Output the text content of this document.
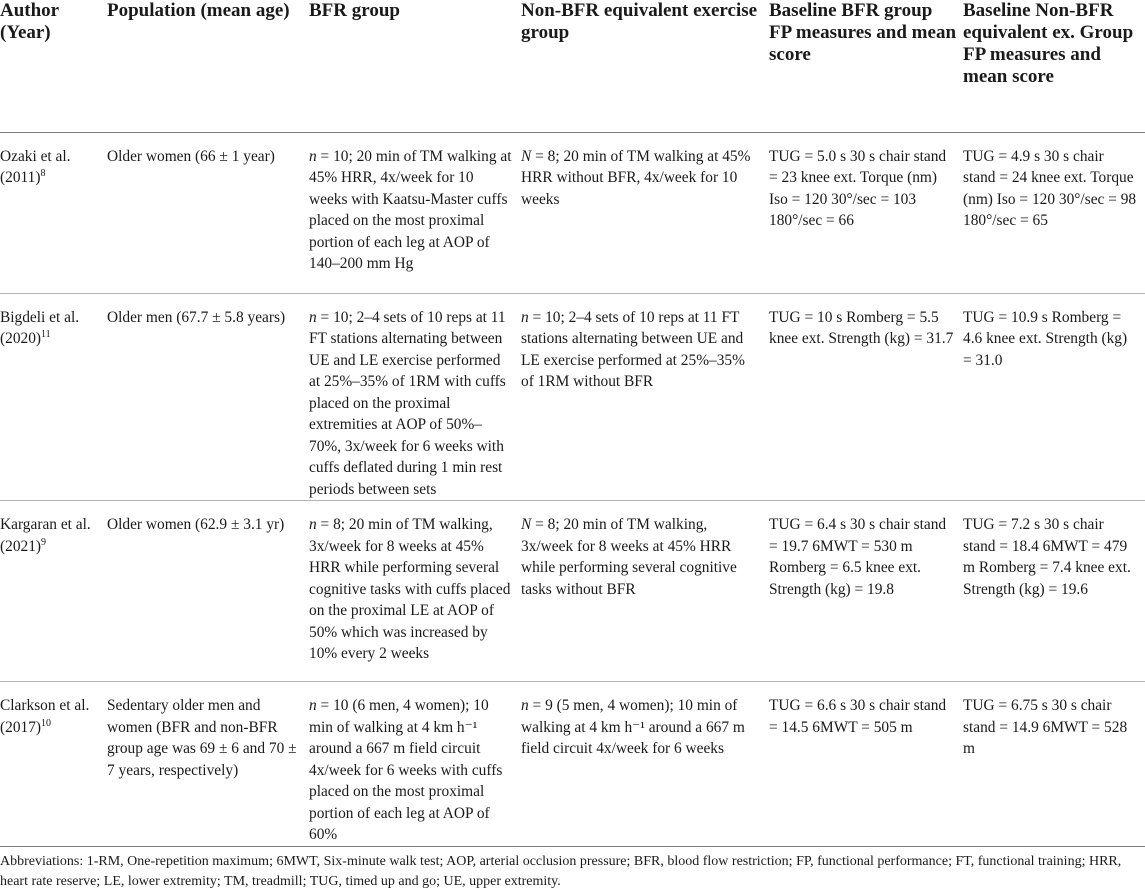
Author (Year)	Population (mean age)	BFR group	Non-BFR equivalent exercise group	Baseline BFR group FP measures and mean score	Baseline Non-BFR equivalent ex. Group FP measures and mean score
Ozaki et al. $(2011)^8$	Older women (66 ± 1 year)	n = 10; 20 min of TM walking at 45% HRR, 4x/week for 10 weeks with Kaatsu-Master cuffs placed on the most proximal portion of each leg at AOP of 140–200 mm Hg	N = 8; 20 min of TM walking at 45% HRR without BFR, 4x/week for 10 weeks	TUG = 5.0 s 30 s chair stand = 23 knee ext. Torque (nm) Iso = 120 30°/sec = 103 180°/sec = 66	TUG = 4.9 s 30 s chair stand = 24 knee ext. Torque (nm) Iso = 120 30°/sec = 98 180°/sec = 65
Bigdeli et al. $(2020)^{11}$	Older men (67.7 ± 5.8 years)	n = 10; 2–4 sets of 10 reps at 11 FT stations alternating between UE and LE exercise performed at 25%–35% of 1RM with cuffs placed on the proximal extremities at AOP of 50%–70%, 3x/week for 6 weeks with cuffs deflated during 1 min rest periods between sets	n = 10; 2–4 sets of 10 reps at 11 FT stations alternating between UE and LE exercise performed at 25%–35% of 1RM without BFR	TUG = 10 s Romberg = 5.5 knee ext. Strength (kg) = 31.7	TUG = 10.9 s Romberg = 4.6 knee ext. Strength (kg) = 31.0
Kargaran et al. $(2021)^9$	Older women (62.9 ± 3.1 yr)	n = 8; 20 min of TM walking, 3x/week for 8 weeks at 45% HRR while performing several cognitive tasks with cuffs placed on the proximal LE at AOP of 50% which was increased by 10% every 2 weeks	N = 8; 20 min of TM walking, 3x/week for 8 weeks at 45% HRR while performing several cognitive tasks without BFR	TUG = 6.4 s 30 s chair stand = 19.7 6MWT = 530 m Romberg = 6.5 knee ext. Strength (kg) = 19.8	TUG = 7.2 s 30 s chair stand = 18.4 6MWT = 479 m Romberg = 7.4 knee ext. Strength (kg) = 19.6
Clarkson et al. $(2017)^{10}$	Sedentary older men and women (BFR and non-BFR group age was 69 ± 6 and 70 ± 7 years, respectively)	n = 10 (6 men, 4 women); 10 min of walking at 4 km h⁻¹ around a 667 m field circuit 4x/week for 6 weeks with cuffs placed on the most proximal portion of each leg at AOP of 60%	n = 9 (5 men, 4 women); 10 min of walking at 4 km h⁻¹ around a 667 m field circuit 4x/week for 6 weeks	TUG = 6.6 s 30 s chair stand = 14.5 6MWT = 505 m	TUG = 6.75 s 30 s chair stand = 14.9 6MWT = 528 m

Abbreviations: 1-RM, One-repetition maximum; 6MWT, Six-minute walk test; AOP, arterial occlusion pressure; BFR, blood flow restriction; FP, functional performance; FT, functional training; HRR, heart rate reserve; LE, lower extremity; TM, treadmill; TUG, timed up and go; UE, upper extremity.
